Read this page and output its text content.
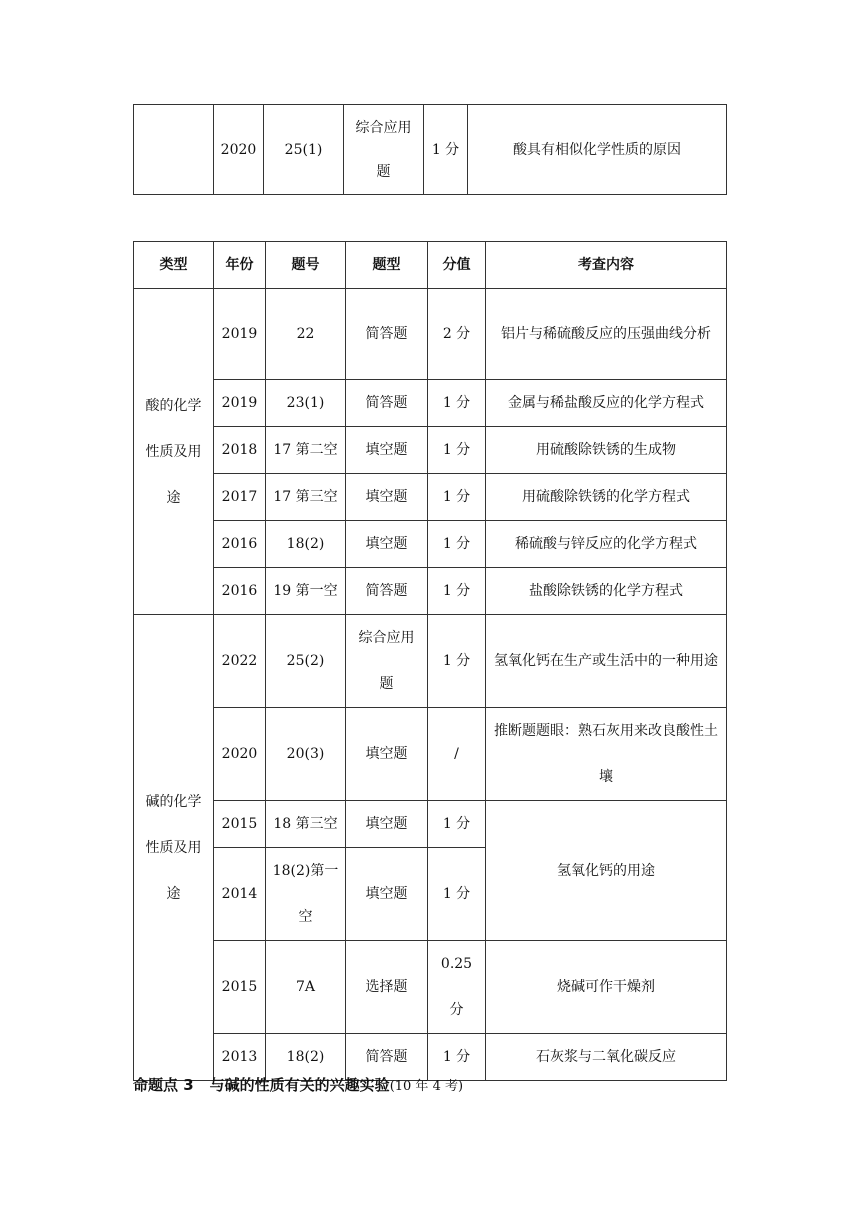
	2020	25(1)	综合应用题	1 分	酸具有相似化学性质的原因
类型	年份	题号	题型	分值	考查内容
酸的化学性质及用途	2019	22	简答题	2 分	铝片与稀硫酸反应的压强曲线分析
	2019	23(1)	简答题	1 分	金属与稀盐酸反应的化学方程式
	2018	17 第二空	填空题	1 分	用硫酸除铁锈的生成物
	2017	17 第三空	填空题	1 分	用硫酸除铁锈的化学方程式
	2016	18(2)	填空题	1 分	稀硫酸与锌反应的化学方程式
	2016	19 第一空	简答题	1 分	盐酸除铁锈的化学方程式
碱的化学性质及用途	2022	25(2)	综合应用题	1 分	氢氧化钙在生产或生活中的一种用途
	2020	20(3)	填空题	/	推断题题眼：熟石灰用来改良酸性土壤
	2015	18 第三空	填空题	1 分	氢氧化钙的用途
	2014	18(2)第一空	填空题	1 分	
	2015	7A	选择题	0.25 分	烧碱可作干燥剂
	2013	18(2)	简答题	1 分	石灰浆与二氧化碳反应
命题点 3 与碱的性质有关的兴趣实验(10 年 4 考)
